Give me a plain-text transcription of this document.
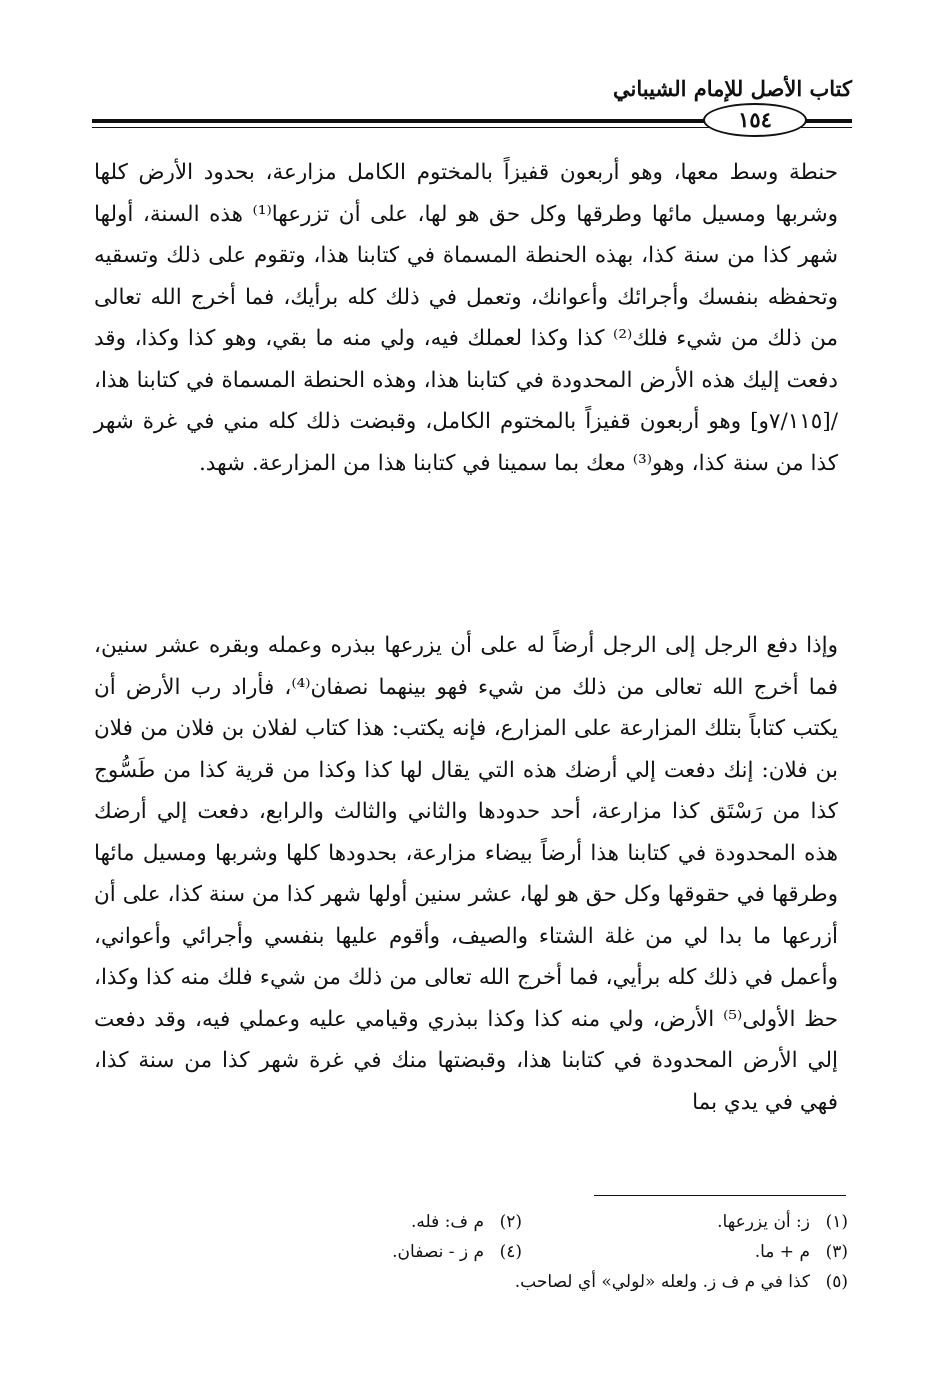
كتاب الأصل للإمام الشيباني
١٥٤

حنطة وسط معها، وهو أربعون قفيزاً بالمختوم الكامل مزارعة، بحدود الأرض كلها وشربها ومسيل مائها وطرقها وكل حق هو لها، على أن تزرعها⁽¹⁾ هذه السنة، أولها شهر كذا من سنة كذا، بهذه الحنطة المسماة في كتابنا هذا، وتقوم على ذلك وتسقيه وتحفظه بنفسك وأجرائك وأعوانك، وتعمل في ذلك كله برأيك، فما أخرج الله تعالى من ذلك من شيء فلك⁽²⁾ كذا وكذا لعملك فيه، ولي منه ما بقي، وهو كذا وكذا، وقد دفعت إليك هذه الأرض المحدودة في كتابنا هذا، وهذه الحنطة المسماة في كتابنا هذا، /[٧/١١٥و] وهو أربعون قفيزاً بالمختوم الكامل، وقبضت ذلك كله مني في غرة شهر كذا من سنة كذا، وهو⁽³⁾ معك بما سمينا في كتابنا هذا من المزارعة. شهد.

وإذا دفع الرجل إلى الرجل أرضاً له على أن يزرعها ببذره وعمله وبقره عشر سنين، فما أخرج الله تعالى من ذلك من شيء فهو بينهما نصفان⁽⁴⁾، فأراد رب الأرض أن يكتب كتاباً بتلك المزارعة على المزارع، فإنه يكتب: هذا كتاب لفلان بن فلان من فلان بن فلان: إنك دفعت إلي أرضك هذه التي يقال لها كذا وكذا من قرية كذا من طَسُّوج كذا من رَسْتَق كذا مزارعة، أحد حدودها والثاني والثالث والرابع، دفعت إلي أرضك هذه المحدودة في كتابنا هذا أرضاً بيضاء مزارعة، بحدودها كلها وشربها ومسيل مائها وطرقها في حقوقها وكل حق هو لها، عشر سنين أولها شهر كذا من سنة كذا، على أن أزرعها ما بدا لي من غلة الشتاء والصيف، وأقوم عليها بنفسي وأجرائي وأعواني، وأعمل في ذلك كله برأيي، فما أخرج الله تعالى من ذلك من شيء فلك منه كذا وكذا، حظ الأولى⁽⁵⁾ الأرض، ولي منه كذا وكذا ببذري وقيامي عليه وعملي فيه، وقد دفعت إلي الأرض المحدودة في كتابنا هذا، وقبضتها منك في غرة شهر كذا من سنة كذا، فهي في يدي بما

(١)ز: أن يزرعها.
(٢)م ف: فله.
(٣)م + ما.
(٤)م ز - نصفان.
(٥)كذا في م ف ز. ولعله «لولي» أي لصاحب.
